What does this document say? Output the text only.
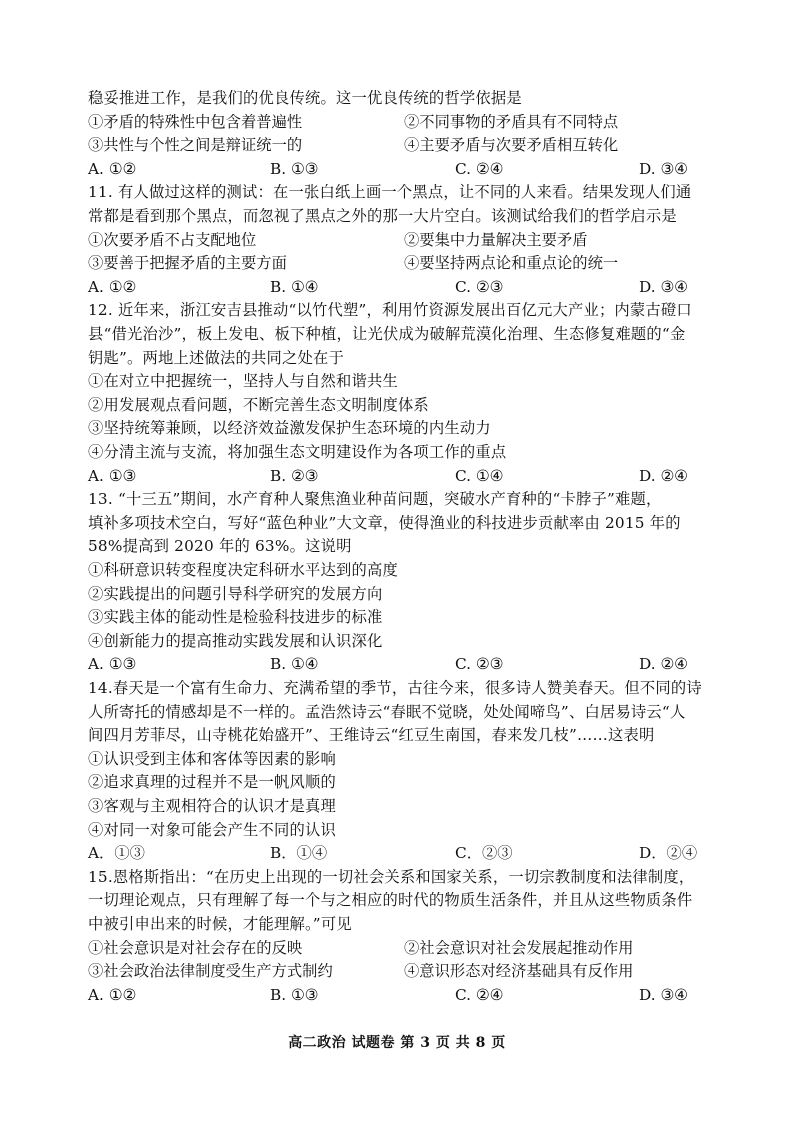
稳妥推进工作，是我们的优良传统。这一优良传统的哲学依据是
①矛盾的特殊性中包含着普遍性	②不同事物的矛盾具有不同特点
③共性与个性之间是辩证统一的	④主要矛盾与次要矛盾相互转化
A. ①②	B. ①③	C. ②④	D. ③④
11. 有人做过这样的测试：在一张白纸上画一个黑点，让不同的人来看。结果发现人们通
常都是看到那个黑点，而忽视了黑点之外的那一大片空白。该测试给我们的哲学启示是
①次要矛盾不占支配地位	②要集中力量解决主要矛盾
③要善于把握矛盾的主要方面	④要坚持两点论和重点论的统一
A. ①②	B. ①④	C. ②③	D. ③④
12. 近年来，浙江安吉县推动“以竹代塑”，利用竹资源发展出百亿元大产业；内蒙古磴口
县“借光治沙”，板上发电、板下种植，让光伏成为破解荒漠化治理、生态修复难题的“金
钥匙”。两地上述做法的共同之处在于
①在对立中把握统一，坚持人与自然和谐共生
②用发展观点看问题，不断完善生态文明制度体系
③坚持统筹兼顾，以经济效益激发保护生态环境的内生动力
④分清主流与支流，将加强生态文明建设作为各项工作的重点
A. ①③	B. ②③	C. ①④	D. ②④
13. “十三五”期间，水产育种人聚焦渔业种苗问题，突破水产育种的“卡脖子”难题，
填补多项技术空白，写好“蓝色种业”大文章，使得渔业的科技进步贡献率由 2015 年的
58%提高到 2020 年的 63%。这说明
①科研意识转变程度决定科研水平达到的高度
②实践提出的问题引导科学研究的发展方向
③实践主体的能动性是检验科技进步的标准
④创新能力的提高推动实践发展和认识深化
A. ①③	B. ①④	C. ②③	D. ②④
14.春天是一个富有生命力、充满希望的季节，古往今来，很多诗人赞美春天。但不同的诗
人所寄托的情感却是不一样的。孟浩然诗云“春眠不觉晓，处处闻啼鸟”、白居易诗云“人
间四月芳菲尽，山寺桃花始盛开”、王维诗云“红豆生南国，春来发几枝”……这表明
①认识受到主体和客体等因素的影响
②追求真理的过程并不是一帆风顺的
③客观与主观相符合的认识才是真理
④对同一对象可能会产生不同的认识
A．①③	B．①④	C．②③	D．②④
15.恩格斯指出：“在历史上出现的一切社会关系和国家关系，一切宗教制度和法律制度，
一切理论观点，只有理解了每一个与之相应的时代的物质生活条件，并且从这些物质条件
中被引申出来的时候，才能理解。”可见
①社会意识是对社会存在的反映	②社会意识对社会发展起推动作用
③社会政治法律制度受生产方式制约	④意识形态对经济基础具有反作用
A. ①②	B. ①③	C. ②④	D. ③④
高二政治 试题卷 第 3 页 共 8 页
